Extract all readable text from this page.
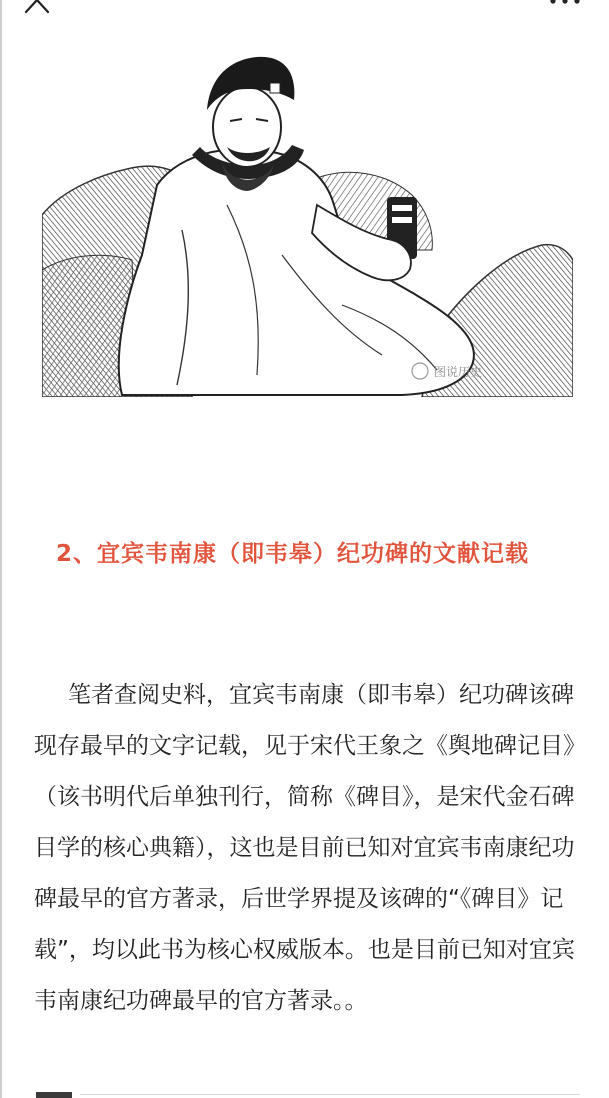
图说历史
2、宜宾韦南康（即韦皋）纪功碑的文献记载

笔者查阅史料，宜宾韦南康（即韦皋）纪功碑该碑现存最早的文字记载，见于宋代王象之《舆地碑记目》（该书明代后单独刊行，简称《碑目》，是宋代金石碑目学的核心典籍），这也是目前已知对宜宾韦南康纪功碑最早的官方著录，后世学界提及该碑的“《碑目》记载”，均以此书为核心权威版本。也是目前已知对宜宾韦南康纪功碑最早的官方著录。。
